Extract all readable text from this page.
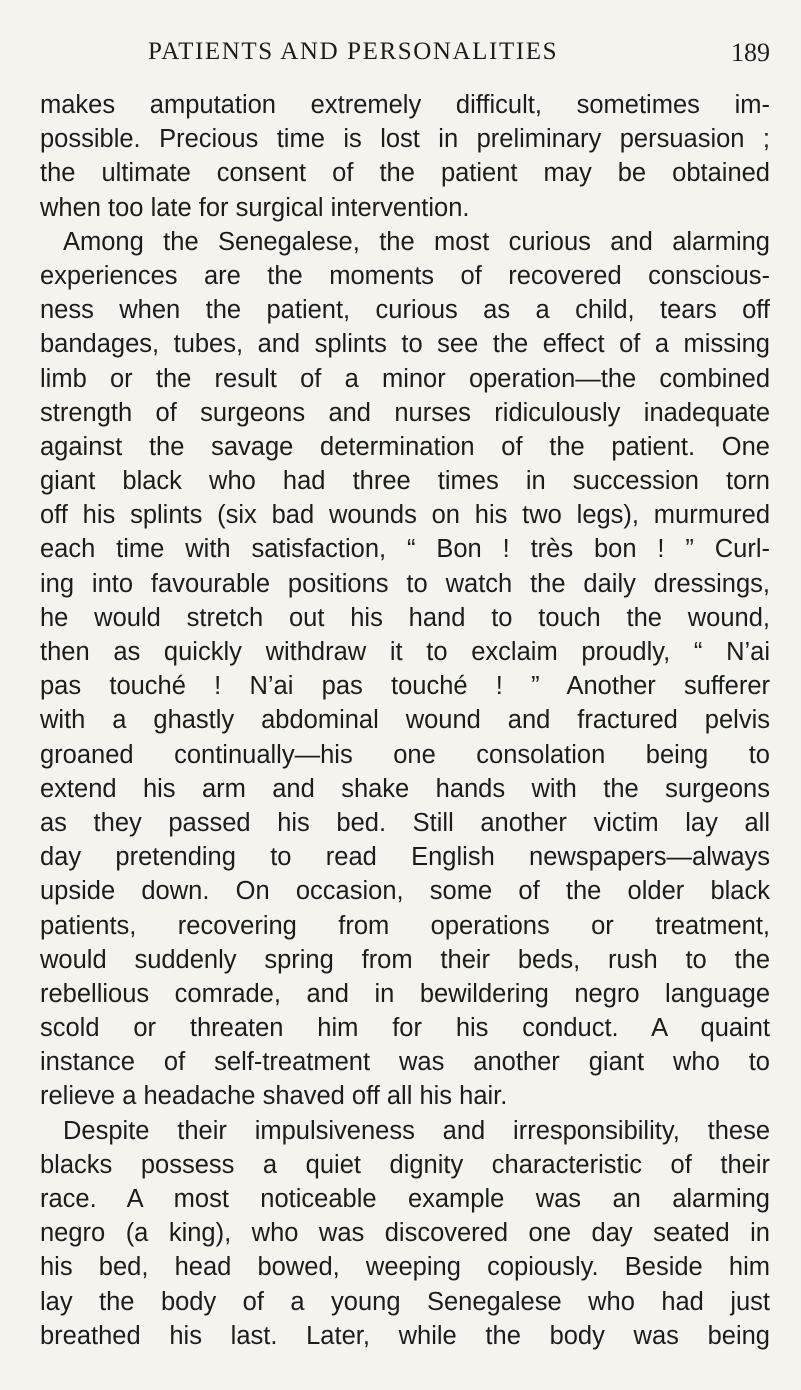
PATIENTS AND PERSONALITIES	189
makes amputation extremely difficult, sometimes im-
possible. Precious time is lost in preliminary persuasion ;
the ultimate consent of the patient may be obtained
when too late for surgical intervention.
Among the Senegalese, the most curious and alarming
experiences are the moments of recovered conscious-
ness when the patient, curious as a child, tears off
bandages, tubes, and splints to see the effect of a missing
limb or the result of a minor operation—the combined
strength of surgeons and nurses ridiculously inadequate
against the savage determination of the patient. One
giant black who had three times in succession torn
off his splints (six bad wounds on his two legs), murmured
each time with satisfaction, “ Bon ! très bon ! ” Curl-
ing into favourable positions to watch the daily dressings,
he would stretch out his hand to touch the wound,
then as quickly withdraw it to exclaim proudly, “ N’ai
pas touché ! N’ai pas touché ! ” Another sufferer
with a ghastly abdominal wound and fractured pelvis
groaned continually—his one consolation being to
extend his arm and shake hands with the surgeons
as they passed his bed. Still another victim lay all
day pretending to read English newspapers—always
upside down. On occasion, some of the older black
patients, recovering from operations or treatment,
would suddenly spring from their beds, rush to the
rebellious comrade, and in bewildering negro language
scold or threaten him for his conduct. A quaint
instance of self-treatment was another giant who to
relieve a headache shaved off all his hair.
Despite their impulsiveness and irresponsibility, these
blacks possess a quiet dignity characteristic of their
race. A most noticeable example was an alarming
negro (a king), who was discovered one day seated in
his bed, head bowed, weeping copiously. Beside him
lay the body of a young Senegalese who had just
breathed his last. Later, while the body was being
